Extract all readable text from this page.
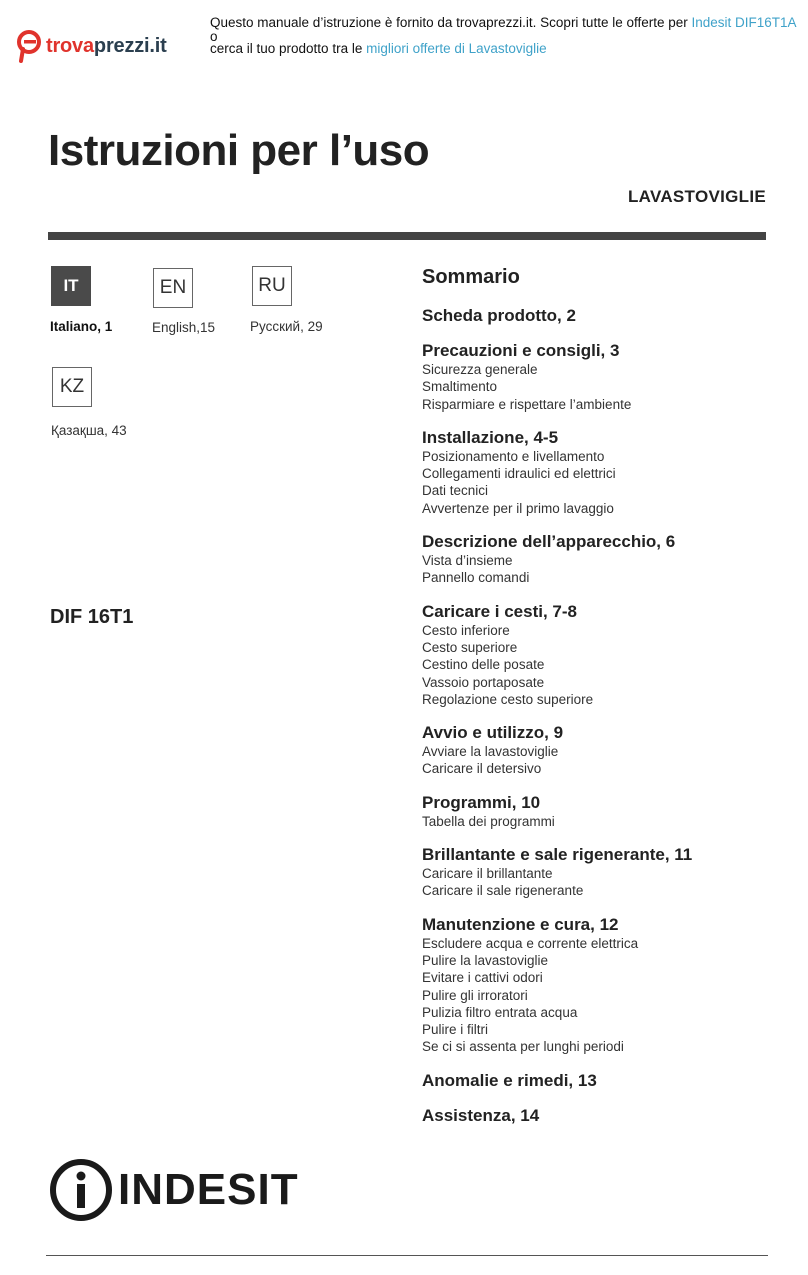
trovaprezzi.it
Questo manuale d’istruzione è fornito da trovaprezzi.it. Scopri tutte le offerte per Indesit DIF16T1A o
cerca il tuo prodotto tra le migliori offerte di Lavastoviglie
Istruzioni per l’uso
LAVASTOVIGLIE
IT
Italiano, 1
EN
English,15
RU
Русский, 29
KZ
Қазақша, 43
DIF 16T1
Sommario
Scheda prodotto, 2
Precauzioni e consigli, 3
Sicurezza generale
Smaltimento
Risparmiare e rispettare l’ambiente
Installazione, 4-5
Posizionamento e livellamento
Collegamenti idraulici ed elettrici
Dati tecnici
Avvertenze per il primo lavaggio
Descrizione dell’apparecchio, 6
Vista d’insieme
Pannello comandi
Caricare i cesti, 7-8
Cesto inferiore
Cesto superiore
Cestino delle posate
Vassoio portaposate
Regolazione cesto superiore
Avvio e utilizzo, 9
Avviare la lavastoviglie
Caricare il detersivo
Programmi, 10
Tabella dei programmi
Brillantante e sale rigenerante, 11
Caricare il brillantante
Caricare il sale rigenerante
Manutenzione e cura, 12
Escludere acqua e corrente elettrica
Pulire la lavastoviglie
Evitare i cattivi odori
Pulire gli irroratori
Pulizia filtro entrata acqua
Pulire i filtri
Se ci si assenta per lunghi periodi
Anomalie e rimedi, 13
Assistenza, 14
INDESIT
